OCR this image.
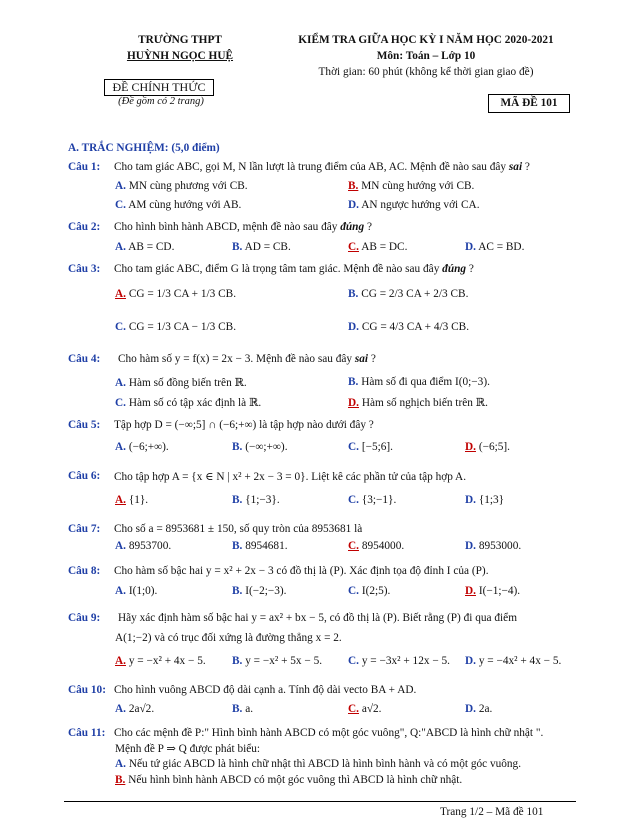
TRƯỜNG THPT
HUỲNH NGỌC HUỆ
KIỂM TRA GIỮA HỌC KỲ I NĂM HỌC 2020-2021
Môn: Toán – Lớp 10
Thời gian: 60 phút (không kể thời gian giao đề)
ĐỀ CHÍNH THỨC
(Đề gồm có 2 trang)	MÃ ĐỀ 101
A. TRẮC NGHIỆM: (5,0 điểm)
Câu 1: Cho tam giác ABC, gọi M, N lần lượt là trung điểm của AB, AC. Mệnh đề nào sau đây sai ?
A. MN cùng phương với CB.	B. MN cùng hướng với CB.
C. AM cùng hướng với AB.	D. AN ngược hướng với CA.
Câu 2: Cho hình bình hành ABCD, mệnh đề nào sau đây đúng ?
A. AB = CD.	B. AD = CB.	C. AB = DC.	D. AC = BD.
Câu 3: Cho tam giác ABC, điểm G là trọng tâm tam giác. Mệnh đề nào sau đây đúng ?
A. CG = 1/3 CA + 1/3 CB.	B. CG = 2/3 CA + 2/3 CB.
C. CG = 1/3 CA − 1/3 CB.	D. CG = 4/3 CA + 4/3 CB.
Câu 4: Cho hàm số y = f(x) = 2x − 3. Mệnh đề nào sau đây sai ?
A. Hàm số đồng biến trên ℝ.	B. Hàm số đi qua điểm I(0;−3).
C. Hàm số có tập xác định là ℝ.	D. Hàm số nghịch biến trên ℝ.
Câu 5: Tập hợp D = (−∞;5] ∩ (−6;+∞) là tập hợp nào dưới đây ?
A. (−6;+∞).	B. (−∞;+∞).	C. [−5;6].	D. (−6;5].
Câu 6: Cho tập hợp A = {x ∈ N | x² + 2x − 3 = 0}. Liệt kê các phần tử của tập hợp A.
A. {1}.	B. {1;−3}.	C. {3;−1}.	D. {1;3}
Câu 7: Cho số a = 8953681 ± 150, số quy tròn của 8953681 là
A. 8953700.	B. 8954681.	C. 8954000.	D. 8953000.
Câu 8: Cho hàm số bậc hai y = x² + 2x − 3 có đồ thị là (P). Xác định tọa độ đỉnh I của (P).
A. I(1;0).	B. I(−2;−3).	C. I(2;5).	D. I(−1;−4).
Câu 9: Hãy xác định hàm số bậc hai y = ax² + bx − 5, có đồ thị là (P). Biết rằng (P) đi qua điểm
A(1;−2) và có trục đối xứng là đường thẳng x = 2.
A. y = −x² + 4x − 5. B. y = −x² + 5x − 5. C. y = −3x² + 12x − 5. D. y = −4x² + 4x − 5.
Câu 10: Cho hình vuông ABCD độ dài cạnh a. Tính độ dài vecto BA + AD.
A. 2a√2.	B. a.	C. a√2.	D. 2a.
Câu 11: Cho các mệnh đề P:" Hình bình hành ABCD có một góc vuông", Q:"ABCD là hình chữ nhật ".
Mệnh đề P ⇒ Q được phát biểu:
A. Nếu tứ giác ABCD là hình chữ nhật thì ABCD là hình bình hành và có một góc vuông.
B. Nếu hình bình hành ABCD có một góc vuông thì ABCD là hình chữ nhật.
Trang 1/2 – Mã đề 101
